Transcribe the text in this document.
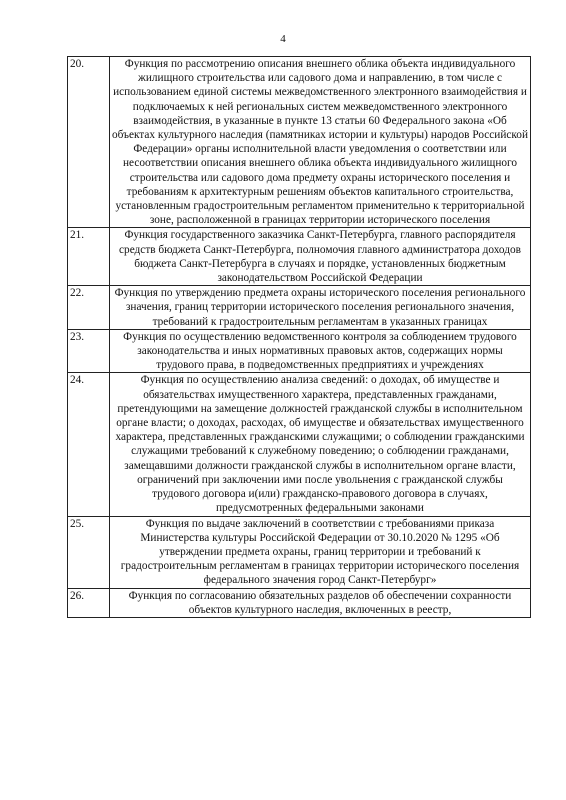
4
20.	Функция по рассмотрению описания внешнего облика объекта индивидуального жилищного строительства или садового дома и направлению, в том числе с использованием единой системы межведомственного электронного взаимодействия и подключаемых к ней региональных систем межведомственного электронного взаимодействия, в указанные в пункте 13 статьи 60 Федерального закона «Об объектах культурного наследия (памятниках истории и культуры) народов Российской Федерации» органы исполнительной власти уведомления о соответствии или несоответствии описания внешнего облика объекта индивидуального жилищного строительства или садового дома предмету охраны исторического поселения и требованиям к архитектурным решениям объектов капитального строительства, установленным градостроительным регламентом применительно к территориальной зоне, расположенной в границах территории исторического поселения
21.	Функция государственного заказчика Санкт-Петербурга, главного распорядителя средств бюджета Санкт-Петербурга, полномочия главного администратора доходов бюджета Санкт-Петербурга в случаях и порядке, установленных бюджетным законодательством Российской Федерации
22.	Функция по утверждению предмета охраны исторического поселения регионального значения, границ территории исторического поселения регионального значения, требований к градостроительным регламентам в указанных границах
23.	Функция по осуществлению ведомственного контроля за соблюдением трудового законодательства и иных нормативных правовых актов, содержащих нормы трудового права, в подведомственных предприятиях и учреждениях
24.	Функция по осуществлению анализа сведений: о доходах, об имуществе и обязательствах имущественного характера, представленных гражданами, претендующими на замещение должностей гражданской службы в исполнительном органе власти; о доходах, расходах, об имуществе и обязательствах имущественного характера, представленных гражданскими служащими; о соблюдении гражданскими служащими требований к служебному поведению; о соблюдении гражданами, замещавшими должности гражданской службы в исполнительном органе власти, ограничений при заключении ими после увольнения с гражданской службы трудового договора и(или) гражданско-правового договора в случаях, предусмотренных федеральными законами
25.	Функция по выдаче заключений в соответствии с требованиями приказа Министерства культуры Российской Федерации от 30.10.2020 № 1295 «Об утверждении предмета охраны, границ территории и требований к градостроительным регламентам в границах территории исторического поселения федерального значения город Санкт-Петербург»
26.	Функция по согласованию обязательных разделов об обеспечении сохранности объектов культурного наследия, включенных в реестр,
